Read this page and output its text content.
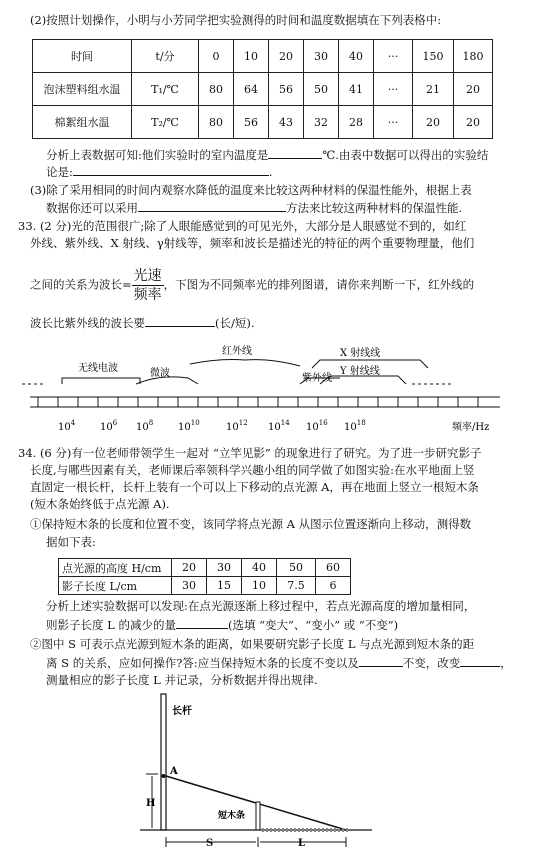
(2)按照计划操作，小明与小芳同学把实验测得的时间和温度数据填在下列表格中:
时间	t/分	0	10	20	30	40	···	150	180
泡沫塑料组水温	T₁/℃	80	64	56	50	41	···	21	20
棉絮组水温	T₂/℃	80	56	43	32	28	···	20	20
分析上表数据可知:他们实验时的室内温度是	℃.由表中数据可以得出的实验结
论是:	.
(3)除了采用相同的时间内观察水降低的温度来比较这两种材料的保温性能外，根据上表
数据你还可以采用	方法来比较这两种材料的保温性能.
33. (2 分)光的范围很广;除了人眼能感觉到的可见光外，大部分是人眼感觉不到的，如红
外线、紫外线、X 射线、γ射线等，频率和波长是描述光的特征的两个重要物理量，他们
之间的关系为波长= $\frac{\text{光速}}{\text{频率}}$ ，下图为不同频率光的排列图谱，请你来判断一下，红外线的
波长比紫外线的波长要	(长/短).
无线电波	微波
红外线
紫外线
X 射线线
Y 射线线
$10^4$ $10^6$ $10^8$ $10^{10}$	$10^{12}$ $10^{14}$ $10^{16}$ $10^{18}$	频率/Hz
34. (6 分)有一位老师带领学生一起对 “立竿见影” 的现象进行了研究。为了进一步研究影子
长度,与哪些因素有关，老师课后率领科学兴趣小组的同学做了如图实验:在水平地面上竖
直固定一根长杆，长杆上装有一个可以上下移动的点光源 A，再在地面上竖立一根短木条
(短木条始终低于点光源 A).
①保持短木条的长度和位置不变，该同学将点光源 A 从图示位置逐渐向上移动，测得数
据如下表:
点光源的高度 H/cm	20	30	40	50	60
影子长度 L/cm	30	15	10	7.5	6
分析上述实验数据可以发现:在点光源逐渐上移过程中，若点光源高度的增加量相同，
则影子长度 L 的减少的量	(选填 “变大”、“变小” 或 “不变”)
②图中 S 可表示点光源到短木条的距离，如果要研究影子长度 L 与点光源到短木条的距
离 S 的关系，应如何操作?答:应当保持短木条的长度不变以及	不变，改变	，
测量相应的影子长度 L 并记录，分析数据并得出规律.
长杆
A
H
短木条
S	L
